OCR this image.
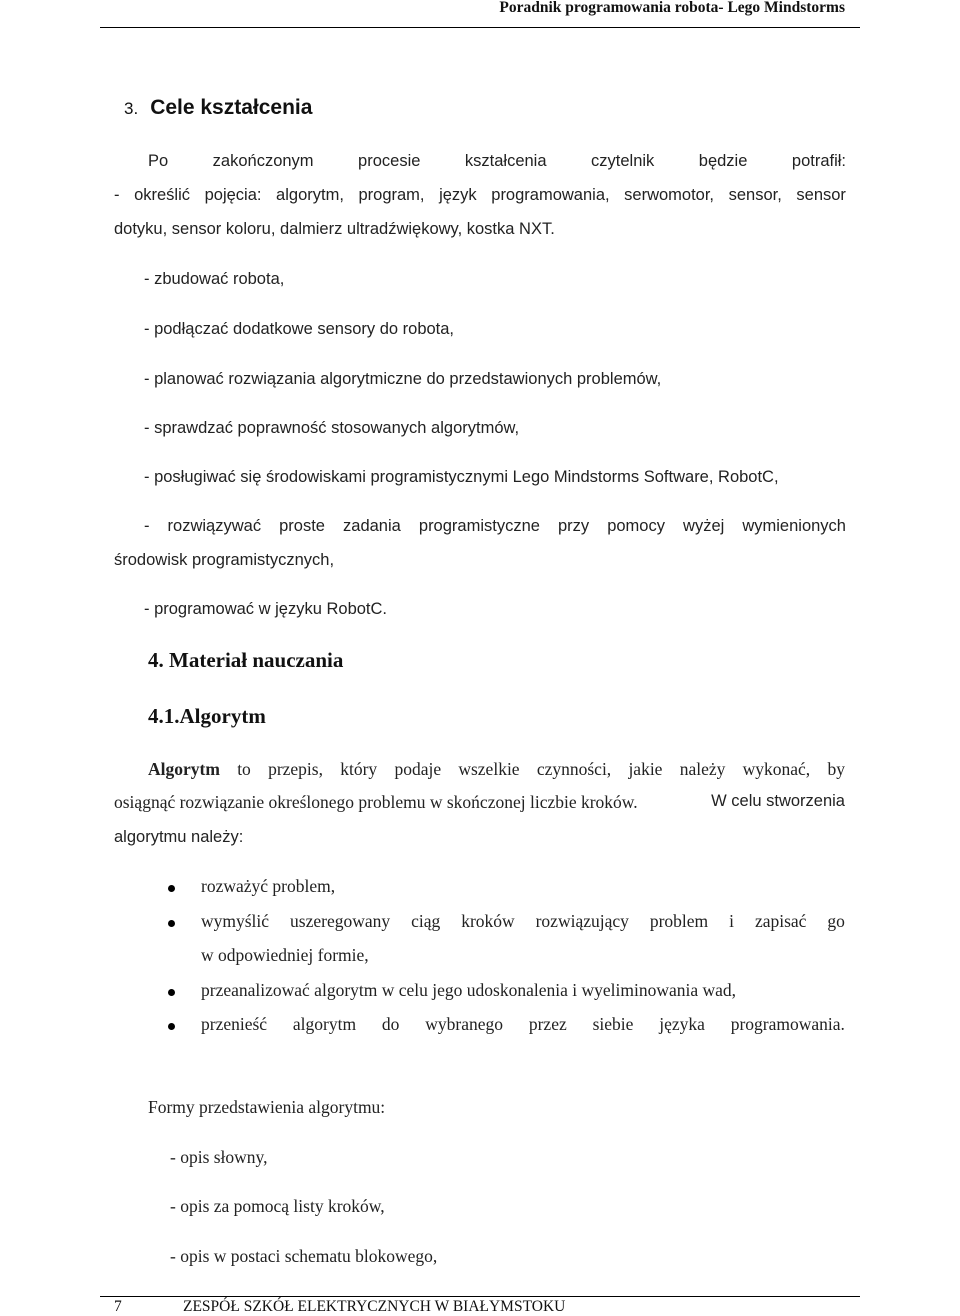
Poradnik programowania robota- Lego Mindstorms
3. Cele kształcenia
Po	zakończonym	procesie	kształcenia	czytelnik	będzie	potrafił:
- określić pojęcia: algorytm, program, język programowania, serwomotor, sensor, sensor
dotyku, sensor koloru, dalmierz ultradźwiękowy, kostka NXT.
- zbudować robota,
- podłączać dodatkowe sensory do robota,
- planować rozwiązania algorytmiczne do przedstawionych problemów,
- sprawdzać poprawność stosowanych algorytmów,
- posługiwać się środowiskami programistycznymi Lego Mindstorms Software, RobotC,
- rozwiązywać proste zadania programistyczne przy pomocy wyżej wymienionych
środowisk programistycznych,
- programować w języku RobotC.
4. Materiał nauczania
4.1.Algorytm
Algorytm to przepis, który podaje wszelkie czynności, jakie należy wykonać, by
osiągnąć rozwiązanie określonego problemu w skończonej liczbie kroków.	W celu stworzenia
algorytmu należy:
rozważyć problem,
wymyślić uszeregowany ciąg kroków rozwiązujący problem i zapisać go
w odpowiedniej formie,
przeanalizować algorytm w celu jego udoskonalenia i wyeliminowania wad,
przenieść algorytm do wybranego przez siebie języka programowania.
Formy przedstawienia algorytmu:
- opis słowny,
- opis za pomocą listy kroków,
- opis w postaci schematu blokowego,
7	ZESPÓŁ SZKÓŁ ELEKTRYCZNYCH W BIAŁYMSTOKU
